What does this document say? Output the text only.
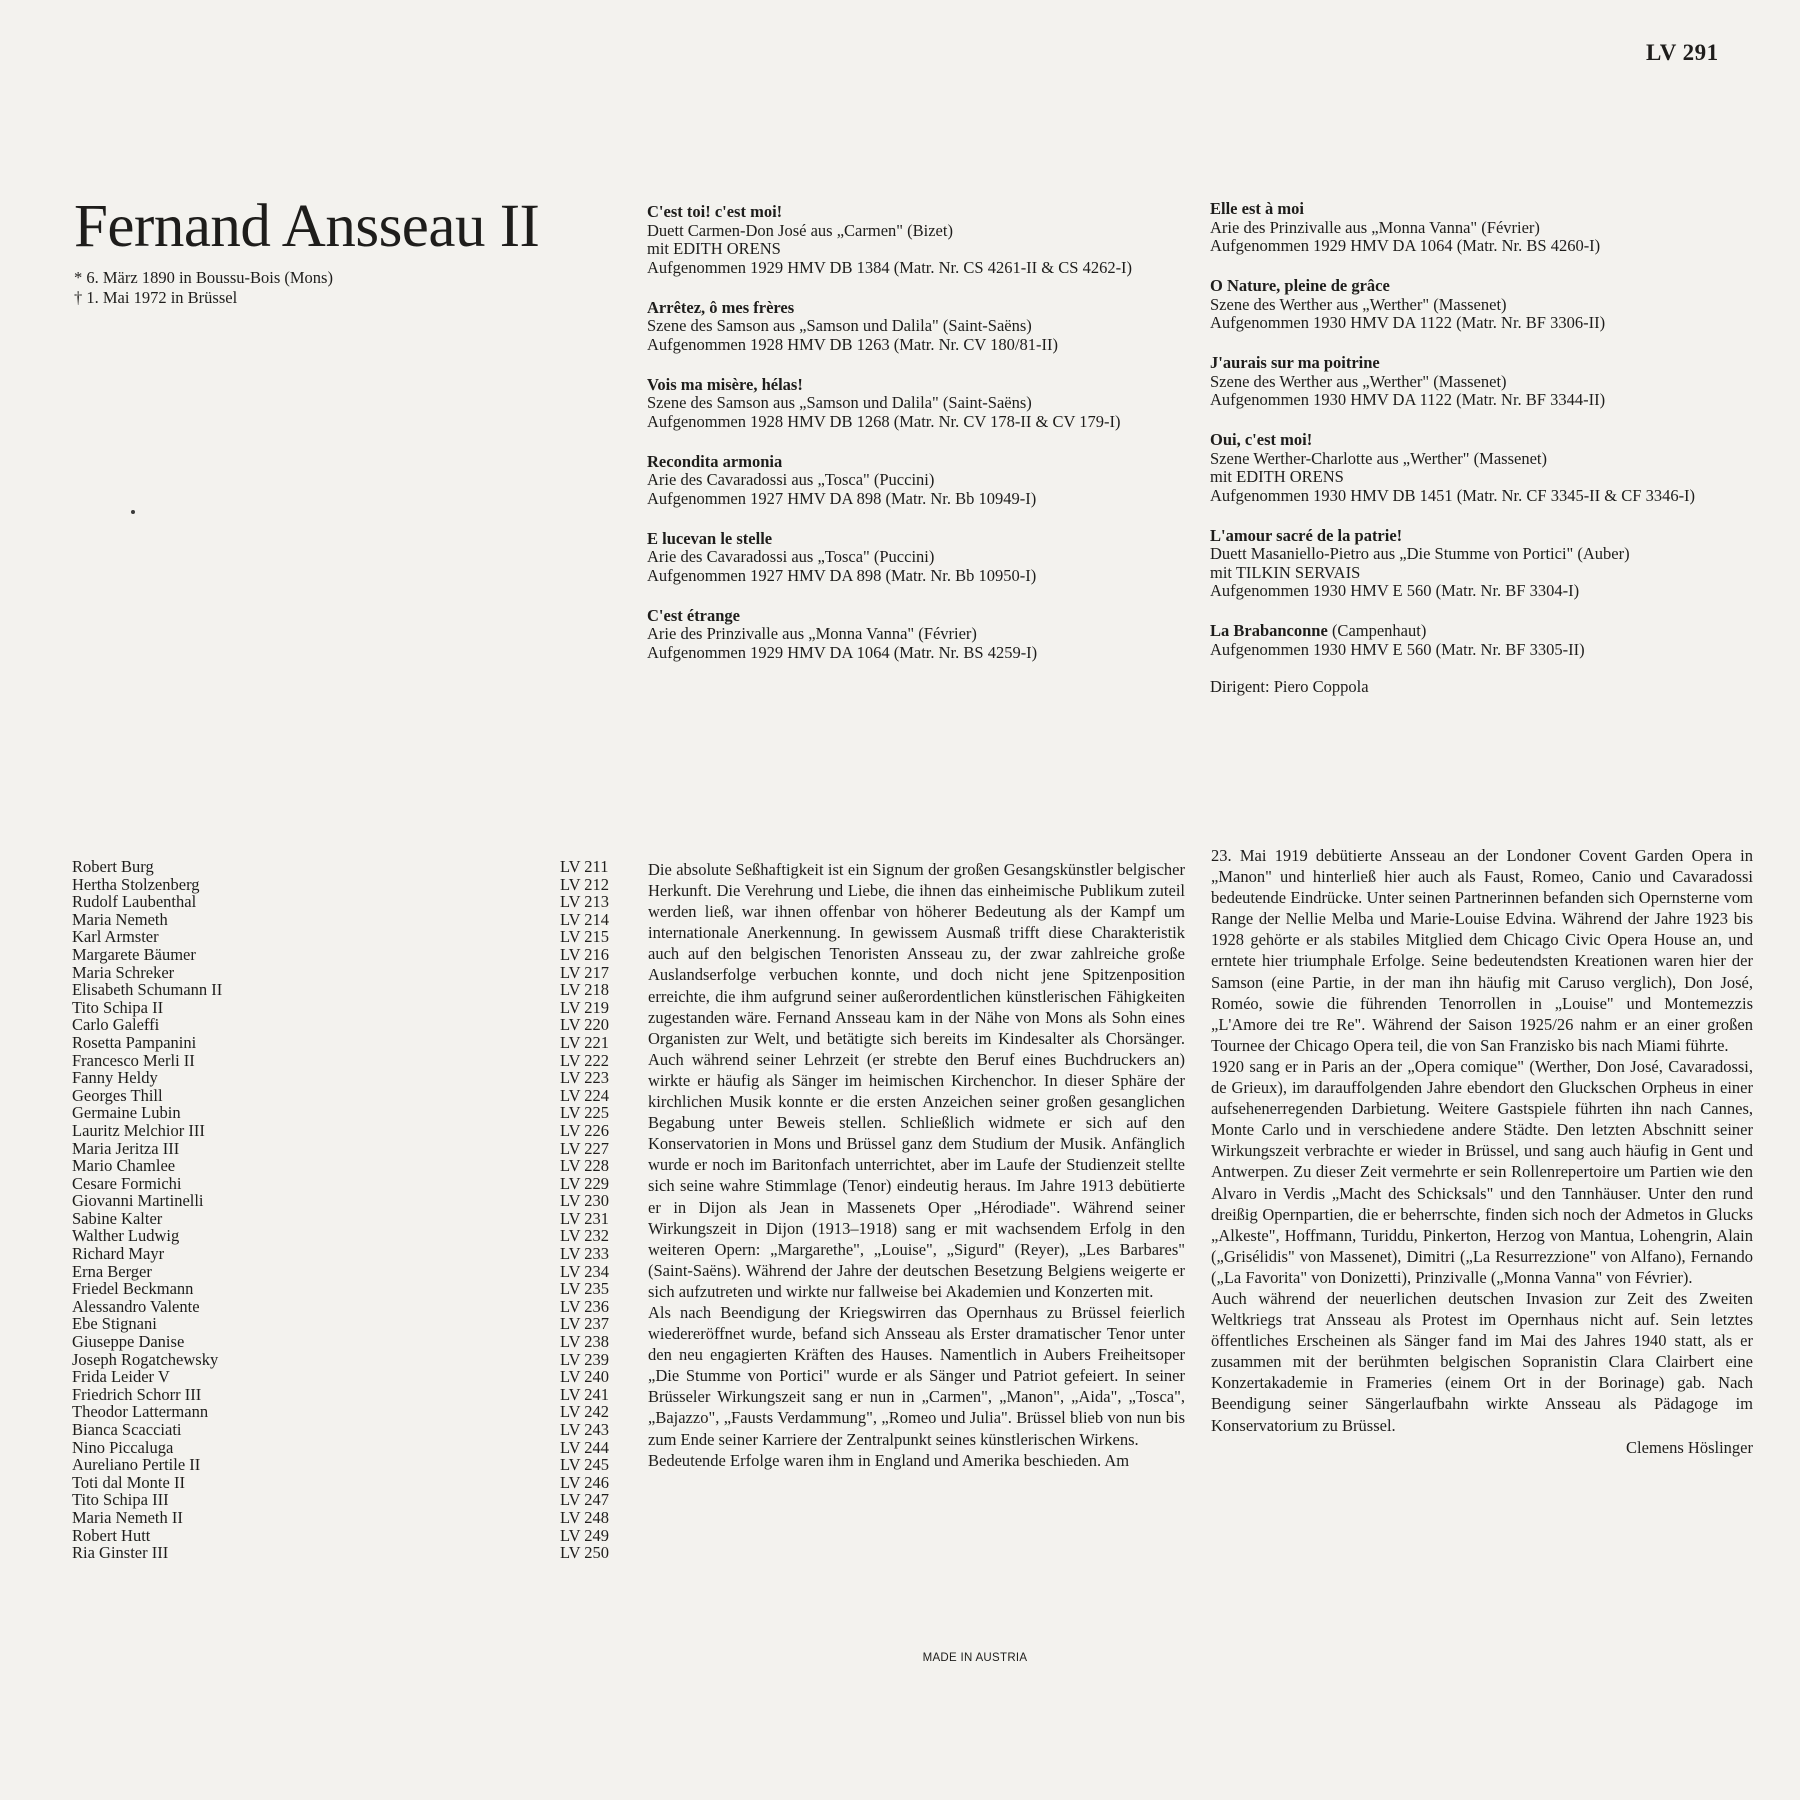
LV 291
Fernand Ansseau II
* 6. März 1890 in Boussu-Bois (Mons)
† 1. Mai 1972 in Brüssel
C'est toi! c'est moi!
Duett Carmen-Don José aus „Carmen" (Bizet)
mit EDITH ORENS
Aufgenommen 1929 HMV DB 1384 (Matr. Nr. CS 4261-II & CS 4262-I)
Arrêtez, ô mes frères
Szene des Samson aus „Samson und Dalila" (Saint-Saëns)
Aufgenommen 1928 HMV DB 1263 (Matr. Nr. CV 180/81-II)
Vois ma misère, hélas!
Szene des Samson aus „Samson und Dalila" (Saint-Saëns)
Aufgenommen 1928 HMV DB 1268 (Matr. Nr. CV 178-II & CV 179-I)
Recondita armonia
Arie des Cavaradossi aus „Tosca" (Puccini)
Aufgenommen 1927 HMV DA 898 (Matr. Nr. Bb 10949-I)
E lucevan le stelle
Arie des Cavaradossi aus „Tosca" (Puccini)
Aufgenommen 1927 HMV DA 898 (Matr. Nr. Bb 10950-I)
C'est étrange
Arie des Prinzivalle aus „Monna Vanna" (Février)
Aufgenommen 1929 HMV DA 1064 (Matr. Nr. BS 4259-I)
Elle est à moi
Arie des Prinzivalle aus „Monna Vanna" (Février)
Aufgenommen 1929 HMV DA 1064 (Matr. Nr. BS 4260-I)
O Nature, pleine de grâce
Szene des Werther aus „Werther" (Massenet)
Aufgenommen 1930 HMV DA 1122 (Matr. Nr. BF 3306-II)
J'aurais sur ma poitrine
Szene des Werther aus „Werther" (Massenet)
Aufgenommen 1930 HMV DA 1122 (Matr. Nr. BF 3344-II)
Oui, c'est moi!
Szene Werther-Charlotte aus „Werther" (Massenet)
mit EDITH ORENS
Aufgenommen 1930 HMV DB 1451 (Matr. Nr. CF 3345-II & CF 3346-I)
L'amour sacré de la patrie!
Duett Masaniello-Pietro aus „Die Stumme von Portici" (Auber)
mit TILKIN SERVAIS
Aufgenommen 1930 HMV E 560 (Matr. Nr. BF 3304-I)
La Brabanconne (Campenhaut)
Aufgenommen 1930 HMV E 560 (Matr. Nr. BF 3305-II)
Dirigent: Piero Coppola
Robert Burg	LV 211
Hertha Stolzenberg	LV 212
Rudolf Laubenthal	LV 213
Maria Nemeth	LV 214
Karl Armster	LV 215
Margarete Bäumer	LV 216
Maria Schreker	LV 217
Elisabeth Schumann II	LV 218
Tito Schipa II	LV 219
Carlo Galeffi	LV 220
Rosetta Pampanini	LV 221
Francesco Merli II	LV 222
Fanny Heldy	LV 223
Georges Thill	LV 224
Germaine Lubin	LV 225
Lauritz Melchior III	LV 226
Maria Jeritza III	LV 227
Mario Chamlee	LV 228
Cesare Formichi	LV 229
Giovanni Martinelli	LV 230
Sabine Kalter	LV 231
Walther Ludwig	LV 232
Richard Mayr	LV 233
Erna Berger	LV 234
Friedel Beckmann	LV 235
Alessandro Valente	LV 236
Ebe Stignani	LV 237
Giuseppe Danise	LV 238
Joseph Rogatchewsky	LV 239
Frida Leider V	LV 240
Friedrich Schorr III	LV 241
Theodor Lattermann	LV 242
Bianca Scacciati	LV 243
Nino Piccaluga	LV 244
Aureliano Pertile II	LV 245
Toti dal Monte II	LV 246
Tito Schipa III	LV 247
Maria Nemeth II	LV 248
Robert Hutt	LV 249
Ria Ginster III	LV 250

Die absolute Seßhaftigkeit ist ein Signum der großen Gesangskünstler belgischer Herkunft. Die Verehrung und Liebe, die ihnen das einheimische Publikum zuteil werden ließ, war ihnen offenbar von höherer Bedeutung als der Kampf um internationale Anerkennung. In gewissem Ausmaß trifft diese Charakteristik auch auf den belgischen Tenoristen Ansseau zu, der zwar zahlreiche große Auslandserfolge verbuchen konnte, und doch nicht jene Spitzenposition erreichte, die ihm aufgrund seiner außerordentlichen künstlerischen Fähigkeiten zugestanden wäre. Fernand Ansseau kam in der Nähe von Mons als Sohn eines Organisten zur Welt, und betätigte sich bereits im Kindesalter als Chorsänger. Auch während seiner Lehrzeit (er strebte den Beruf eines Buchdruckers an) wirkte er häufig als Sänger im heimischen Kirchenchor. In dieser Sphäre der kirchlichen Musik konnte er die ersten Anzeichen seiner großen gesanglichen Begabung unter Beweis stellen. Schließlich widmete er sich auf den Konservatorien in Mons und Brüssel ganz dem Studium der Musik. Anfänglich wurde er noch im Baritonfach unterrichtet, aber im Laufe der Studienzeit stellte sich seine wahre Stimmlage (Tenor) eindeutig heraus. Im Jahre 1913 debütierte er in Dijon als Jean in Massenets Oper „Hérodiade". Während seiner Wirkungszeit in Dijon (1913–1918) sang er mit wachsendem Erfolg in den weiteren Opern: „Margarethe", „Louise", „Sigurd" (Reyer), „Les Barbares" (Saint-Saëns). Während der Jahre der deutschen Besetzung Belgiens weigerte er sich aufzutreten und wirkte nur fallweise bei Akademien und Konzerten mit.

Als nach Beendigung der Kriegswirren das Opernhaus zu Brüssel feierlich wiedereröffnet wurde, befand sich Ansseau als Erster dramatischer Tenor unter den neu engagierten Kräften des Hauses. Namentlich in Aubers Freiheitsoper „Die Stumme von Portici" wurde er als Sänger und Patriot gefeiert. In seiner Brüsseler Wirkungszeit sang er nun in „Carmen", „Manon", „Aida", „Tosca", „Bajazzo", „Fausts Verdammung", „Romeo und Julia". Brüssel blieb von nun bis zum Ende seiner Karriere der Zentralpunkt seines künstlerischen Wirkens.

Bedeutende Erfolge waren ihm in England und Amerika beschieden. Am

23. Mai 1919 debütierte Ansseau an der Londoner Covent Garden Opera in „Manon" und hinterließ hier auch als Faust, Romeo, Canio und Cavaradossi bedeutende Eindrücke. Unter seinen Partnerinnen befanden sich Opernsterne vom Range der Nellie Melba und Marie-Louise Edvina. Während der Jahre 1923 bis 1928 gehörte er als stabiles Mitglied dem Chicago Civic Opera House an, und erntete hier triumphale Erfolge. Seine bedeutendsten Kreationen waren hier der Samson (eine Partie, in der man ihn häufig mit Caruso verglich), Don José, Roméo, sowie die führenden Tenorrollen in „Louise" und Montemezzis „L'Amore dei tre Re". Während der Saison 1925/26 nahm er an einer großen Tournee der Chicago Opera teil, die von San Franzisko bis nach Miami führte.

1920 sang er in Paris an der „Opera comique" (Werther, Don José, Cavaradossi, de Grieux), im darauffolgenden Jahre ebendort den Gluckschen Orpheus in einer aufsehenerregenden Darbietung. Weitere Gastspiele führten ihn nach Cannes, Monte Carlo und in verschiedene andere Städte. Den letzten Abschnitt seiner Wirkungszeit verbrachte er wieder in Brüssel, und sang auch häufig in Gent und Antwerpen. Zu dieser Zeit vermehrte er sein Rollenrepertoire um Partien wie den Alvaro in Verdis „Macht des Schicksals" und den Tannhäuser. Unter den rund dreißig Opernpartien, die er beherrschte, finden sich noch der Admetos in Glucks „Alkeste", Hoffmann, Turiddu, Pinkerton, Herzog von Mantua, Lohengrin, Alain („Grisélidis" von Massenet), Dimitri („La Resurrezzione" von Alfano), Fernando („La Favorita" von Donizetti), Prinzivalle („Monna Vanna" von Février).

Auch während der neuerlichen deutschen Invasion zur Zeit des Zweiten Weltkriegs trat Ansseau als Protest im Opernhaus nicht auf. Sein letztes öffentliches Erscheinen als Sänger fand im Mai des Jahres 1940 statt, als er zusammen mit der berühmten belgischen Sopranistin Clara Clairbert eine Konzertakademie in Frameries (einem Ort in der Borinage) gab. Nach Beendigung seiner Sängerlaufbahn wirkte Ansseau als Pädagoge im Konservatorium zu Brüssel.

Clemens Höslinger
MADE IN AUSTRIA
